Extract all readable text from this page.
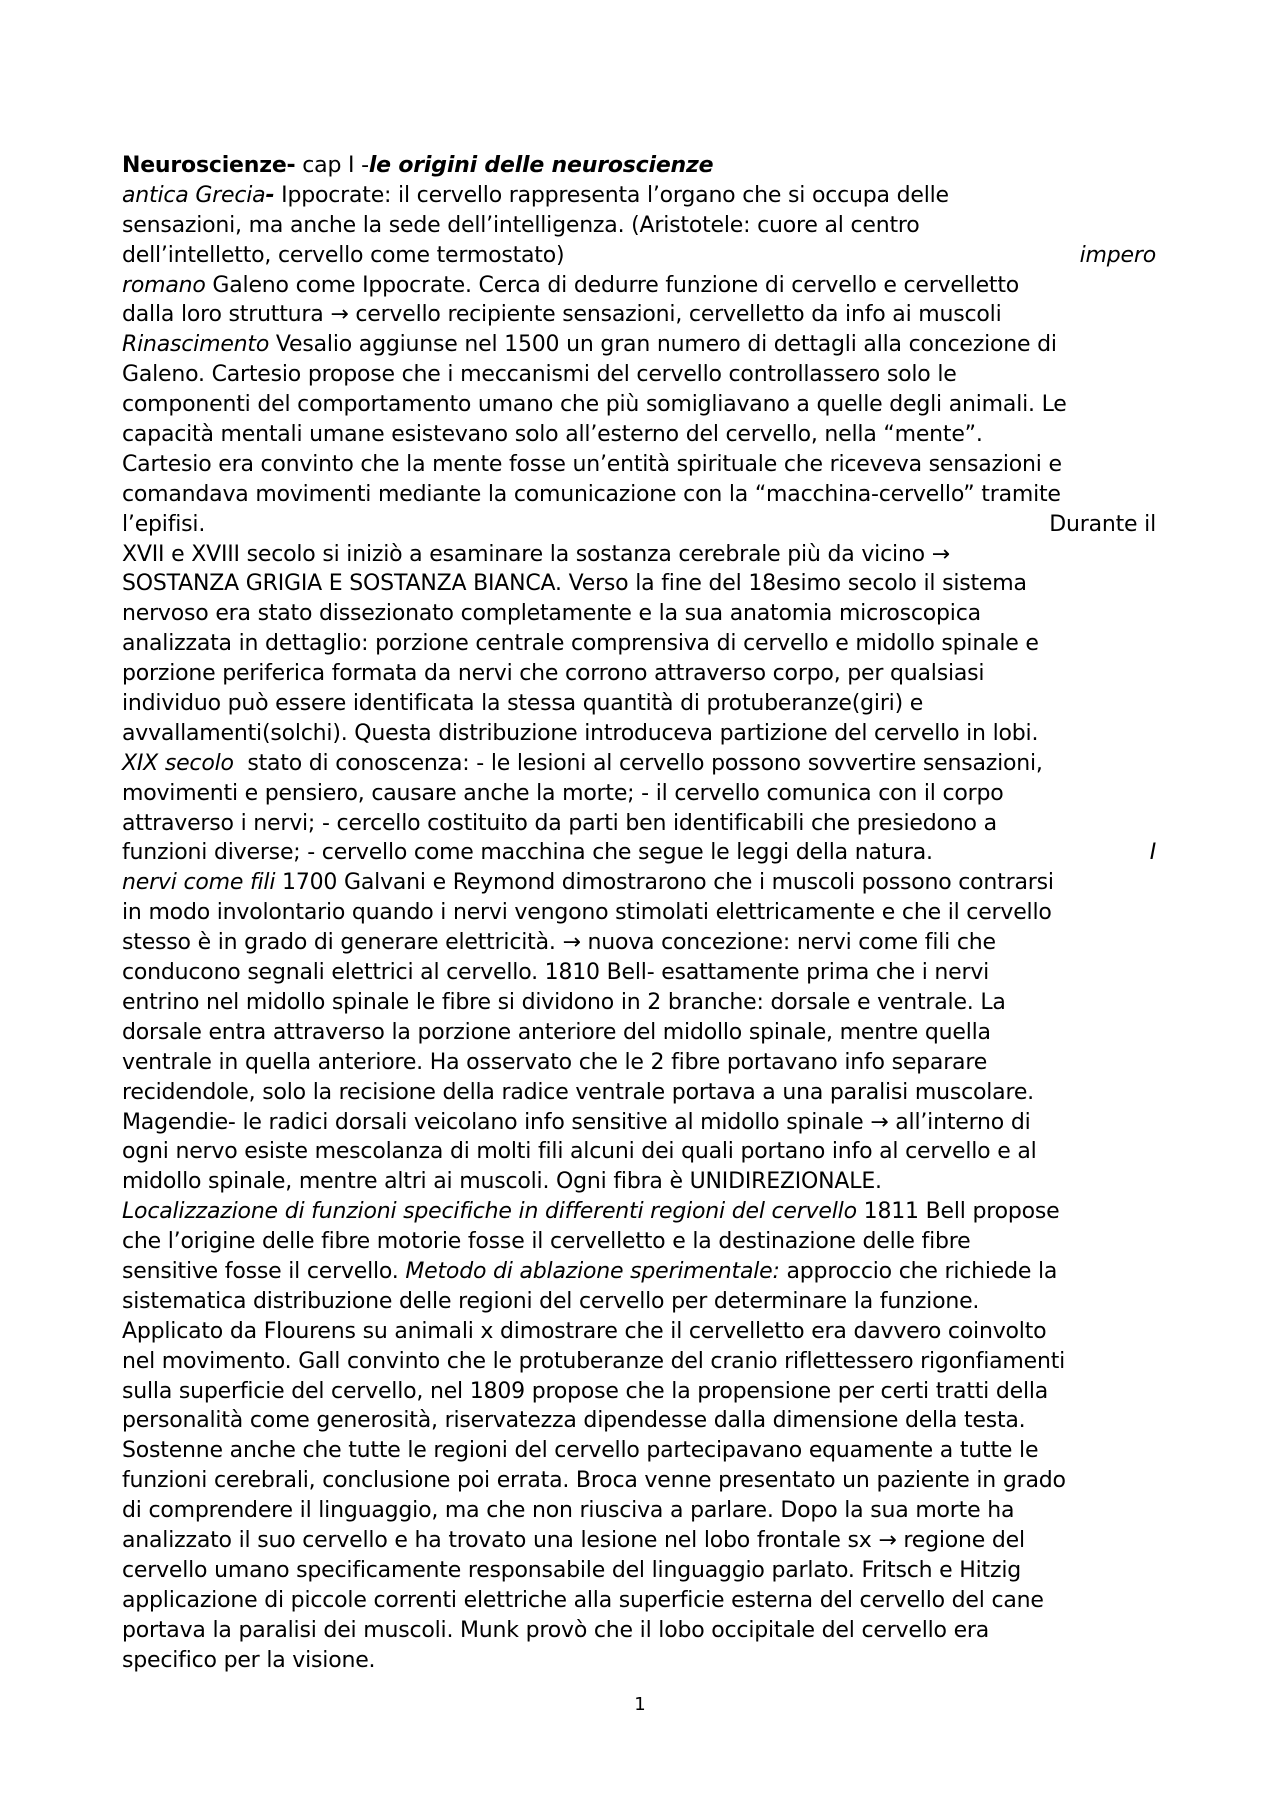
Neuroscienze- cap I -le origini delle neuroscienze
antica Grecia- Ippocrate: il cervello rappresenta l’organo che si occupa delle
sensazioni, ma anche la sede dell’intelligenza. (Aristotele: cuore al centro
dell’intelletto, cervello come termostato)	impero
romano Galeno come Ippocrate. Cerca di dedurre funzione di cervello e cervelletto
dalla loro struttura → cervello recipiente sensazioni, cervelletto da info ai muscoli
Rinascimento Vesalio aggiunse nel 1500 un gran numero di dettagli alla concezione di
Galeno. Cartesio propose che i meccanismi del cervello controllassero solo le
componenti del comportamento umano che più somigliavano a quelle degli animali. Le
capacità mentali umane esistevano solo all’esterno del cervello, nella “mente”.
Cartesio era convinto che la mente fosse un’entità spirituale che riceveva sensazioni e
comandava movimenti mediante la comunicazione con la “macchina-cervello” tramite
l’epifisi.	Durante il
XVII e XVIII secolo si iniziò a esaminare la sostanza cerebrale più da vicino →
SOSTANZA GRIGIA E SOSTANZA BIANCA. Verso la fine del 18esimo secolo il sistema
nervoso era stato dissezionato completamente e la sua anatomia microscopica
analizzata in dettaglio: porzione centrale comprensiva di cervello e midollo spinale e
porzione periferica formata da nervi che corrono attraverso corpo, per qualsiasi
individuo può essere identificata la stessa quantità di protuberanze(giri) e
avvallamenti(solchi). Questa distribuzione introduceva partizione del cervello in lobi.
XIX secolo  stato di conoscenza: - le lesioni al cervello possono sovvertire sensazioni,
movimenti e pensiero, causare anche la morte; - il cervello comunica con il corpo
attraverso i nervi; - cercello costituito da parti ben identificabili che presiedono a
funzioni diverse; - cervello come macchina che segue le leggi della natura.	I
nervi come fili 1700 Galvani e Reymond dimostrarono che i muscoli possono contrarsi
in modo involontario quando i nervi vengono stimolati elettricamente e che il cervello
stesso è in grado di generare elettricità. → nuova concezione: nervi come fili che
conducono segnali elettrici al cervello. 1810 Bell- esattamente prima che i nervi
entrino nel midollo spinale le fibre si dividono in 2 branche: dorsale e ventrale. La
dorsale entra attraverso la porzione anteriore del midollo spinale, mentre quella
ventrale in quella anteriore. Ha osservato che le 2 fibre portavano info separare
recidendole, solo la recisione della radice ventrale portava a una paralisi muscolare.
Magendie- le radici dorsali veicolano info sensitive al midollo spinale → all’interno di
ogni nervo esiste mescolanza di molti fili alcuni dei quali portano info al cervello e al
midollo spinale, mentre altri ai muscoli. Ogni fibra è UNIDIREZIONALE.
Localizzazione di funzioni specifiche in differenti regioni del cervello 1811 Bell propose
che l’origine delle fibre motorie fosse il cervelletto e la destinazione delle fibre
sensitive fosse il cervello. Metodo di ablazione sperimentale: approccio che richiede la
sistematica distribuzione delle regioni del cervello per determinare la funzione.
Applicato da Flourens su animali x dimostrare che il cervelletto era davvero coinvolto
nel movimento. Gall convinto che le protuberanze del cranio riflettessero rigonfiamenti
sulla superficie del cervello, nel 1809 propose che la propensione per certi tratti della
personalità come generosità, riservatezza dipendesse dalla dimensione della testa.
Sostenne anche che tutte le regioni del cervello partecipavano equamente a tutte le
funzioni cerebrali, conclusione poi errata. Broca venne presentato un paziente in grado
di comprendere il linguaggio, ma che non riusciva a parlare. Dopo la sua morte ha
analizzato il suo cervello e ha trovato una lesione nel lobo frontale sx → regione del
cervello umano specificamente responsabile del linguaggio parlato. Fritsch e Hitzig
applicazione di piccole correnti elettriche alla superficie esterna del cervello del cane
portava la paralisi dei muscoli. Munk provò che il lobo occipitale del cervello era
specifico per la visione.
1
